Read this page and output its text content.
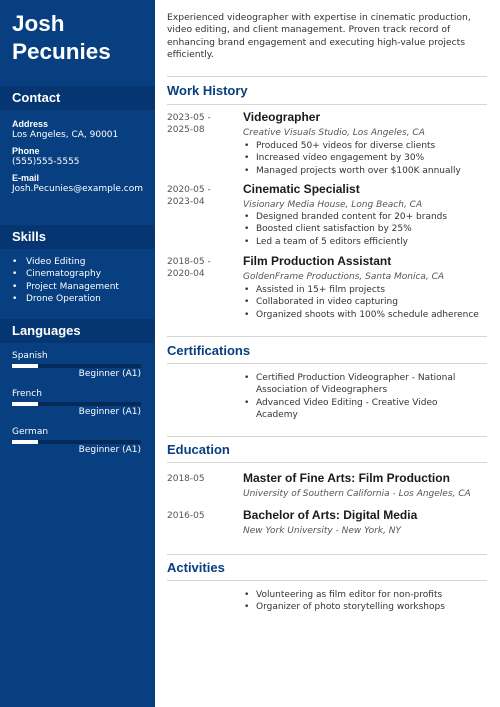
Josh Pecunies
Contact
Address
Los Angeles, CA, 90001
Phone
(555)555-5555
E-mail
Josh.Pecunies@example.com
Skills
• Video Editing
• Cinematography
• Project Management
• Drone Operation
Languages
Spanish
Beginner (A1)
French
Beginner (A1)
German
Beginner (A1)
Experienced videographer with expertise in cinematic production, video editing, and client management. Proven track record of enhancing brand engagement and executing high-value projects efficiently.
Work History
2023-05 - 2025-08
Videographer
Creative Visuals Studio, Los Angeles, CA
• Produced 50+ videos for diverse clients
• Increased video engagement by 30%
• Managed projects worth over $100K annually
2020-05 - 2023-04
Cinematic Specialist
Visionary Media House, Long Beach, CA
• Designed branded content for 20+ brands
• Boosted client satisfaction by 25%
• Led a team of 5 editors efficiently
2018-05 - 2020-04
Film Production Assistant
GoldenFrame Productions, Santa Monica, CA
• Assisted in 15+ film projects
• Collaborated in video capturing
• Organized shoots with 100% schedule adherence
Certifications
• Certified Production Videographer - National Association of Videographers
• Advanced Video Editing - Creative Video Academy
Education
2018-05	Master of Fine Arts: Film Production
University of Southern California - Los Angeles, CA
2016-05	Bachelor of Arts: Digital Media
New York University - New York, NY
Activities
• Volunteering as film editor for non-profits
• Organizer of photo storytelling workshops
